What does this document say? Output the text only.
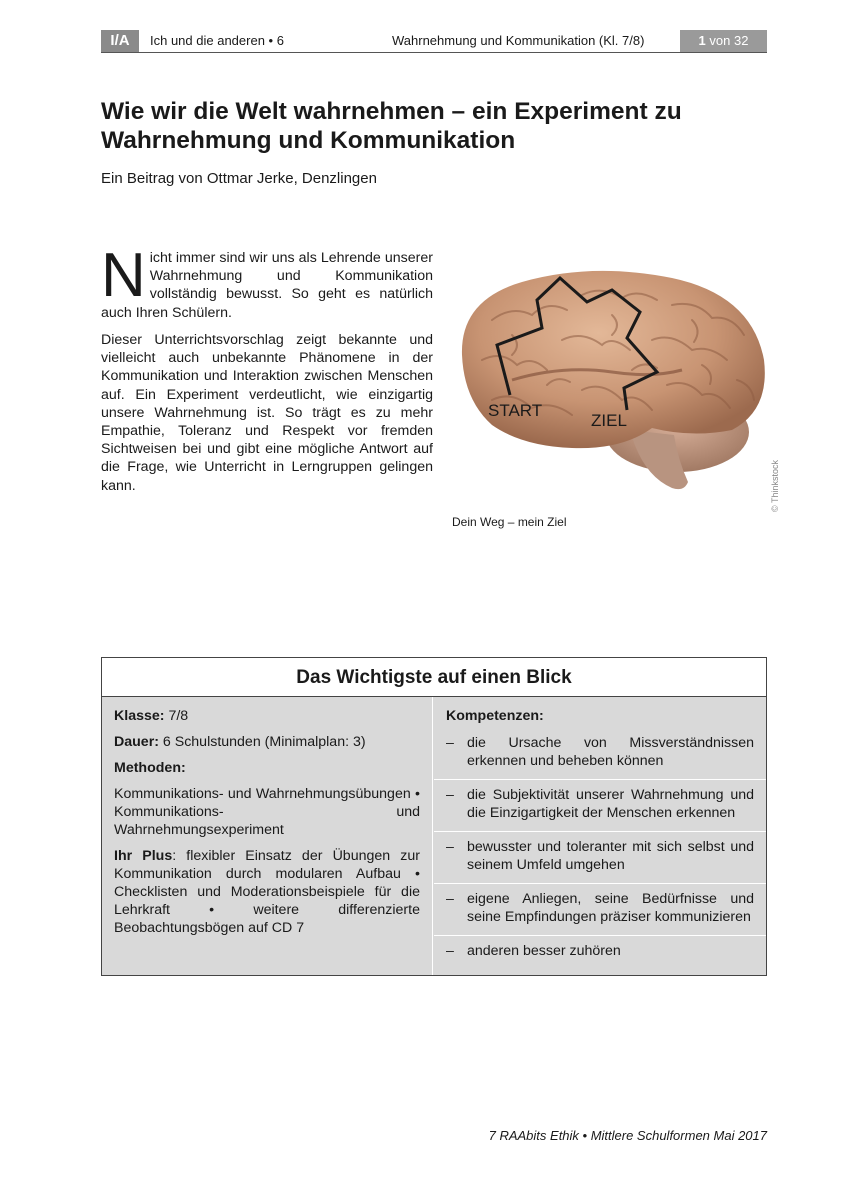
I/A	Ich und die anderen • 6	Wahrnehmung und Kommunikation (Kl. 7/8)	1 von 32
Wie wir die Welt wahrnehmen – ein Experiment zu Wahrnehmung und Kommunikation
Ein Beitrag von Ottmar Jerke, Denzlingen

Nicht immer sind wir uns als Lehrende unserer Wahrnehmung und Kommunikation vollständig bewusst. So geht es natürlich auch Ihren Schülern.

Dieser Unterrichtsvorschlag zeigt bekannte und vielleicht auch unbekannte Phänomene in der Kommunikation und Interaktion zwischen Menschen auf. Ein Experiment verdeutlicht, wie einzigartig unsere Wahrnehmung ist. So trägt es zu mehr Empathie, Toleranz und Respekt vor fremden Sichtweisen bei und gibt eine mögliche Antwort auf die Frage, wie Unterricht in Lerngruppen gelingen kann.

START
ZIEL
Dein Weg – mein Ziel
© Thinkstock
Das Wichtigste auf einen Blick

Klasse: 7/8

Dauer: 6 Schulstunden (Minimalplan: 3)

Methoden:

Kommunikations- und Wahrnehmungsübungen • Kommunikations- und Wahrnehmungsexperiment

Ihr Plus: flexibler Einsatz der Übungen zur Kommunikation durch modularen Aufbau • Checklisten und Moderationsbeispiele für die Lehrkraft • weitere differenzierte Beobachtungsbögen auf CD 7

Kompetenzen:

– die Ursache von Missverständnissen erkennen und beheben können
– die Subjektivität unserer Wahrnehmung und die Einzigartigkeit der Menschen erkennen
– bewusster und toleranter mit sich selbst und seinem Umfeld umgehen
– eigene Anliegen, seine Bedürfnisse und seine Empfindungen präziser kommunizieren
– anderen besser zuhören
7 RAAbits Ethik • Mittlere Schulformen Mai 2017
